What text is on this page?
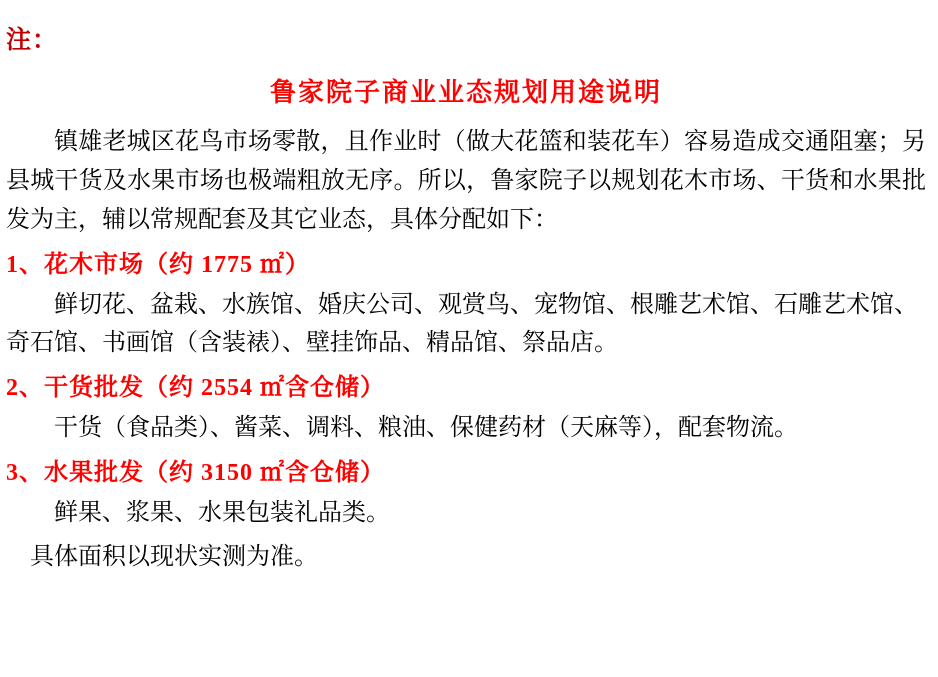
注：
鲁家院子商业业态规划用途说明
镇雄老城区花鸟市场零散，且作业时（做大花篮和装花车）容易造成交通阻塞；另县城干货及水果市场也极端粗放无序。所以，鲁家院子以规划花木市场、干货和水果批发为主，辅以常规配套及其它业态，具体分配如下：
1、花木市场（约 1775 ㎡）
鲜切花、盆栽、水族馆、婚庆公司、观赏鸟、宠物馆、根雕艺术馆、石雕艺术馆、奇石馆、书画馆（含装裱）、壁挂饰品、精品馆、祭品店。
2、干货批发（约 2554 ㎡含仓储）
干货（食品类）、酱菜、调料、粮油、保健药材（天麻等），配套物流。
3、水果批发（约 3150 ㎡含仓储）
鲜果、浆果、水果包装礼品类。
具体面积以现状实测为准。
